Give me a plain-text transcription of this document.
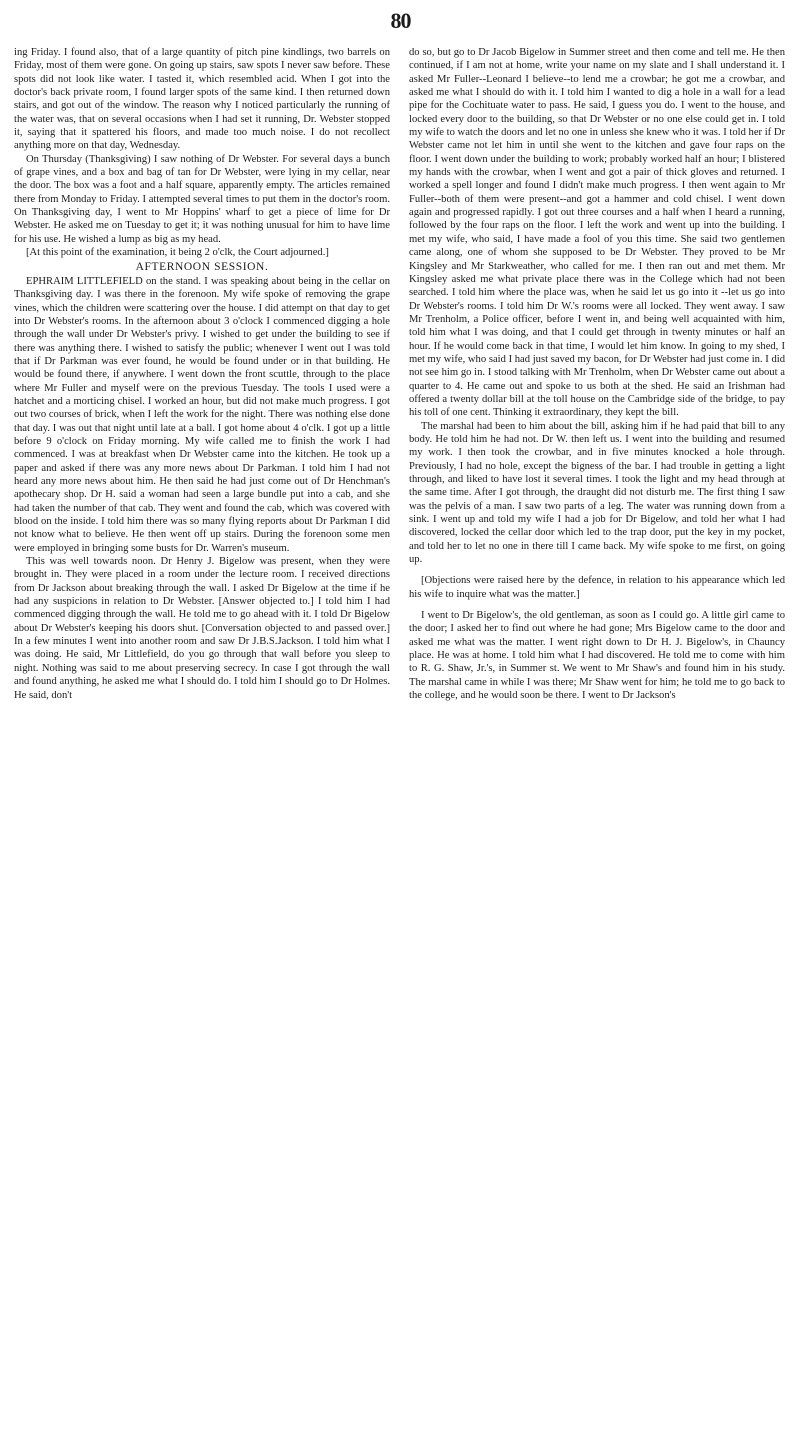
80

ing Friday. I found also, that of a large quantity of pitch pine kindlings, two barrels on Friday, most of them were gone. On going up stairs, saw spots I never saw before. These spots did not look like water. I tasted it, which resembled acid. When I got into the doctor's back private room, I found larger spots of the same kind. I then returned down stairs, and got out of the window. The reason why I noticed particularly the running of the water was, that on several occasions when I had set it running, Dr. Webster stopped it, saying that it spattered his floors, and made too much noise. I do not recollect anything more on that day, Wednesday.

On Thursday (Thanksgiving) I saw nothing of Dr Webster. For several days a bunch of grape vines, and a box and bag of tan for Dr Webster, were lying in my cellar, near the door. The box was a foot and a half square, apparently empty. The articles remained there from Monday to Friday. I attempted several times to put them in the doctor's room. On Thanksgiving day, I went to Mr Hoppins' wharf to get a piece of lime for Dr Webster. He asked me on Tuesday to get it; it was nothing unusual for him to have lime for his use. He wished a lump as big as my head.

[At this point of the examination, it being 2 o'clk, the Court adjourned.]

AFTERNOON SESSION.

EPHRAIM LITTLEFIELD on the stand. I was speaking about being in the cellar on Thanksgiving day. I was there in the forenoon. My wife spoke of removing the grape vines, which the children were scattering over the house. I did attempt on that day to get into Dr Webster's rooms. In the afternoon about 3 o'clock I commenced digging a hole through the wall under Dr Webster's privy. I wished to get under the building to see if there was anything there. I wished to satisfy the public; whenever I went out I was told that if Dr Parkman was ever found, he would be found under or in that building. He would be found there, if anywhere. I went down the front scuttle, through to the place where Mr Fuller and myself were on the previous Tuesday. The tools I used were a hatchet and a morticing chisel. I worked an hour, but did not make much progress. I got out two courses of brick, when I left the work for the night. There was nothing else done that day. I was out that night until late at a ball. I got home about 4 o'clk. I got up a little before 9 o'clock on Friday morning. My wife called me to finish the work I had commenced. I was at breakfast when Dr Webster came into the kitchen. He took up a paper and asked if there was any more news about Dr Parkman. I told him I had not heard any more news about him. He then said he had just come out of Dr Henchman's apothecary shop. Dr H. said a woman had seen a large bundle put into a cab, and she had taken the number of that cab. They went and found the cab, which was covered with blood on the inside. I told him there was so many flying reports about Dr Parkman I did not know what to believe. He then went off up stairs. During the forenoon some men were employed in bringing some busts for Dr. Warren's museum.

This was well towards noon. Dr Henry J. Bigelow was present, when they were brought in. They were placed in a room under the lecture room. I received directions from Dr Jackson about breaking through the wall. I asked Dr Bigelow at the time if he had any suspicions in relation to Dr Webster. [Answer objected to.] I told him I had commenced digging through the wall. He told me to go ahead with it. I told Dr Bigelow about Dr Webster's keeping his doors shut. [Conversation objected to and passed over.] In a few minutes I went into another room and saw Dr J.B.S.Jackson. I told him what I was doing. He said, Mr Littlefield, do you go through that wall before you sleep to night. Nothing was said to me about preserving secrecy. In case I got through the wall and found anything, he asked me what I should do. I told him I should go to Dr Holmes. He said, don't

do so, but go to Dr Jacob Bigelow in Summer street and then come and tell me. He then continued, if I am not at home, write your name on my slate and I shall understand it. I asked Mr Fuller--Leonard I believe--to lend me a crowbar; he got me a crowbar, and asked me what I should do with it. I told him I wanted to dig a hole in a wall for a lead pipe for the Cochituate water to pass. He said, I guess you do. I went to the house, and locked every door to the building, so that Dr Webster or no one else could get in. I told my wife to watch the doors and let no one in unless she knew who it was. I told her if Dr Webster came not let him in until she went to the kitchen and gave four raps on the floor. I went down under the building to work; probably worked half an hour; I blistered my hands with the crowbar, when I went and got a pair of thick gloves and returned. I worked a spell longer and found I didn't make much progress. I then went again to Mr Fuller--both of them were present--and got a hammer and cold chisel. I went down again and progressed rapidly. I got out three courses and a half when I heard a running, followed by the four raps on the floor. I left the work and went up into the building. I met my wife, who said, I have made a fool of you this time. She said two gentlemen came along, one of whom she supposed to be Dr Webster. They proved to be Mr Kingsley and Mr Starkweather, who called for me. I then ran out and met them. Mr Kingsley asked me what private place there was in the College which had not been searched. I told him where the place was, when he said let us go into it --let us go into Dr Webster's rooms. I told him Dr W.'s rooms were all locked. They went away. I saw Mr Trenholm, a Police officer, before I went in, and being well acquainted with him, told him what I was doing, and that I could get through in twenty minutes or half an hour. If he would come back in that time, I would let him know. In going to my shed, I met my wife, who said I had just saved my bacon, for Dr Webster had just come in. I did not see him go in. I stood talking with Mr Trenholm, when Dr Webster came out about a quarter to 4. He came out and spoke to us both at the shed. He said an Irishman had offered a twenty dollar bill at the toll house on the Cambridge side of the bridge, to pay his toll of one cent. Thinking it extraordinary, they kept the bill.

The marshal had been to him about the bill, asking him if he had paid that bill to any body. He told him he had not. Dr W. then left us. I went into the building and resumed my work. I then took the crowbar, and in five minutes knocked a hole through. Previously, I had no hole, except the bigness of the bar. I had trouble in getting a light through, and liked to have lost it several times. I took the light and my head through at the same time. After I got through, the draught did not disturb me. The first thing I saw was the pelvis of a man. I saw two parts of a leg. The water was running down from a sink. I went up and told my wife I had a job for Dr Bigelow, and told her what I had discovered, locked the cellar door which led to the trap door, put the key in my pocket, and told her to let no one in there till I came back. My wife spoke to me first, on going up.

[Objections were raised here by the defence, in relation to his appearance which led his wife to inquire what was the matter.]

I went to Dr Bigelow's, the old gentleman, as soon as I could go. A little girl came to the door; I asked her to find out where he had gone; Mrs Bigelow came to the door and asked me what was the matter. I went right down to Dr H. J. Bigelow's, in Chauncy place. He was at home. I told him what I had discovered. He told me to come with him to R. G. Shaw, Jr.'s, in Summer st. We went to Mr Shaw's and found him in his study. The marshal came in while I was there; Mr Shaw went for him; he told me to go back to the college, and he would soon be there. I went to Dr Jackson's
